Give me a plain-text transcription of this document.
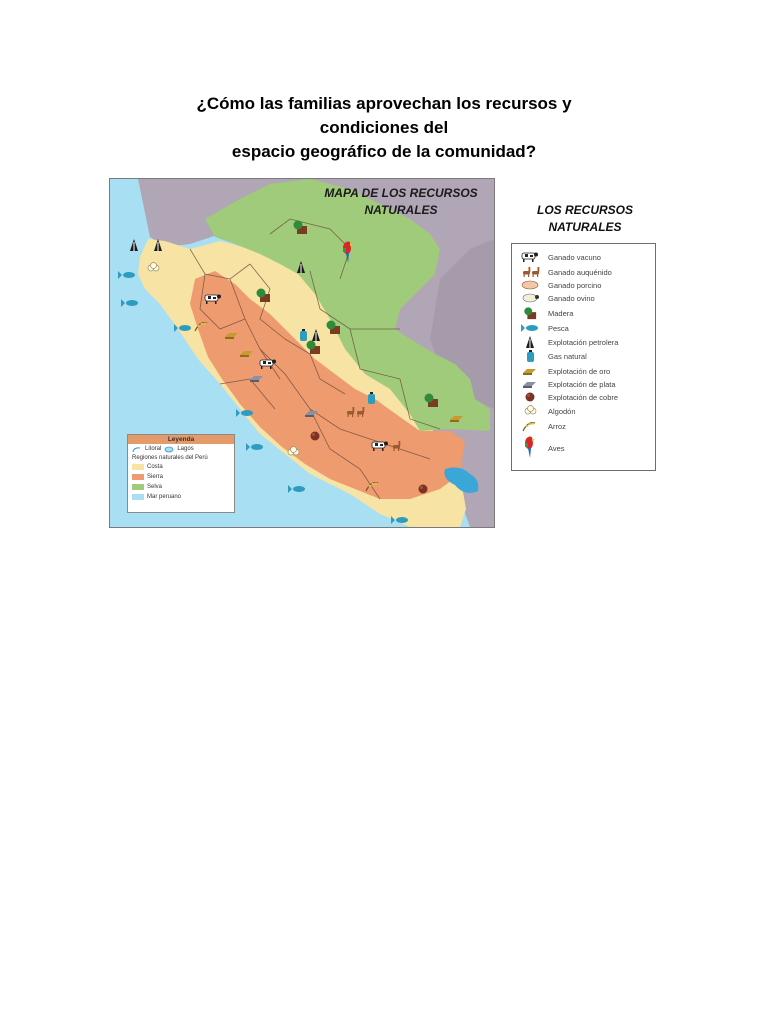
¿Cómo las familias aprovechan los recursos y
condiciones del
espacio geográfico de la comunidad?
MAPA DE LOS RECURSOS
NATURALES
Leyenda
Litoral	Lagos
Regiones naturales del Perú
Costa
Sierra
Selva
Mar peruano
LOS RECURSOS
NATURALES
Ganado vacuno
Ganado auquénido
Ganado porcino
Ganado ovino
Madera
Pesca
Explotación petrolera
Gas natural
Explotación de oro
Explotación de plata
Explotación de cobre
Algodón
Arroz
Aves
